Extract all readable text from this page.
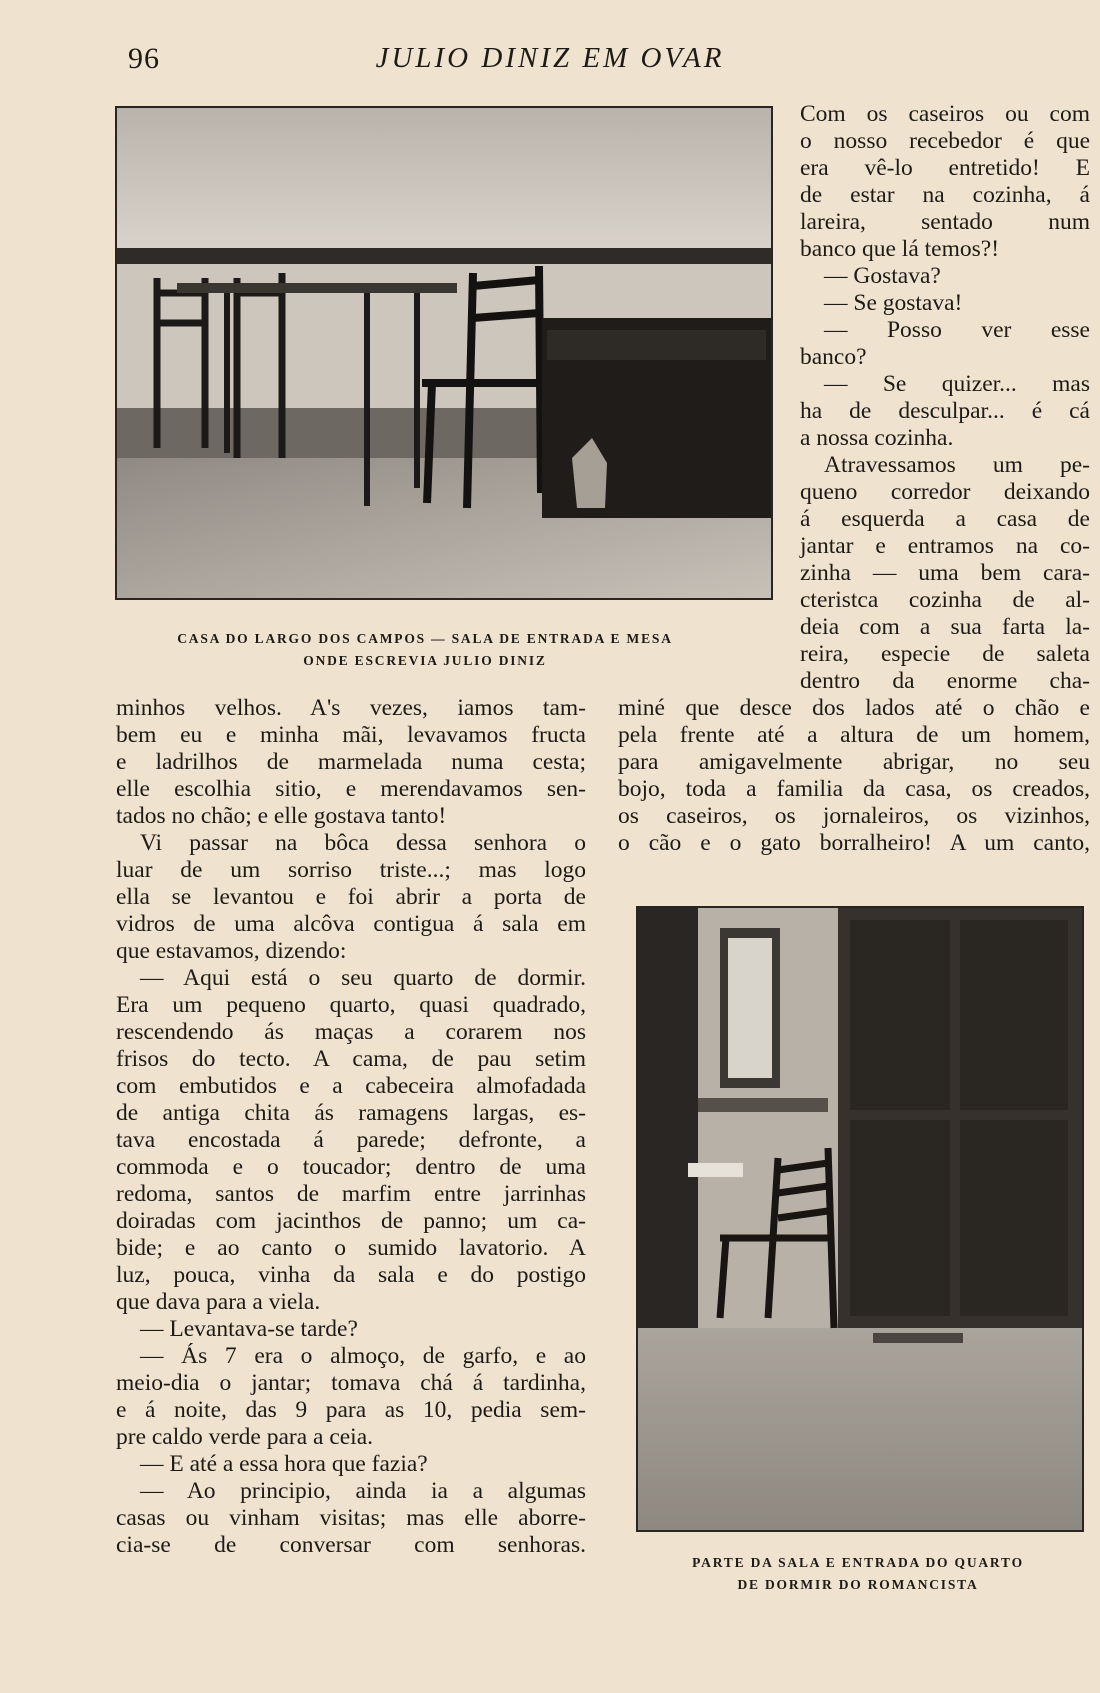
96	JULIO DINIZ EM OVAR
CASA DO LARGO DOS CAMPOS — SALA DE ENTRADA E MESA
ONDE ESCREVIA JULIO DINIZ
Com os caseiros ou com
o nosso recebedor é que
era vê-lo entretido! E
de estar na cozinha, á
lareira, sentado num
banco que lá temos?!
— Gostava?
— Se gostava!
— Posso ver esse
banco?
— Se quizer... mas
ha de desculpar... é cá
a nossa cozinha.
Atravessamos um pe-
queno corredor deixando
á esquerda a casa de
jantar e entramos na co-
zinha — uma bem cara-
cteristca cozinha de al-
deia com a sua farta la-
reira, especie de saleta
dentro da enorme cha-
miné que desce dos lados até o chão e
pela frente até a altura de um homem,
para amigavelmente abrigar, no seu
bojo, toda a familia da casa, os creados,
os caseiros, os jornaleiros, os vizinhos,
o cão e o gato borralheiro! A um canto,
PARTE DA SALA E ENTRADA DO QUARTO
DE DORMIR DO ROMANCISTA
minhos velhos. A's vezes, iamos tam-
bem eu e minha mãi, levavamos fructa
e ladrilhos de marmelada numa cesta;
elle escolhia sitio, e merendavamos sen-
tados no chão; e elle gostava tanto!
Vi passar na bôca dessa senhora o
luar de um sorriso triste...; mas logo
ella se levantou e foi abrir a porta de
vidros de uma alcôva contigua á sala em
que estavamos, dizendo:
— Aqui está o seu quarto de dormir.
Era um pequeno quarto, quasi quadrado,
rescendendo ás maças a corarem nos
frisos do tecto. A cama, de pau setim
com embutidos e a cabeceira almofadada
de antiga chita ás ramagens largas, es-
tava encostada á parede; defronte, a
commoda e o toucador; dentro de uma
redoma, santos de marfim entre jarrinhas
doiradas com jacinthos de panno; um ca-
bide; e ao canto o sumido lavatorio. A
luz, pouca, vinha da sala e do postigo
que dava para a viela.
— Levantava-se tarde?
— Ás 7 era o almoço, de garfo, e ao
meio-dia o jantar; tomava chá á tardinha,
e á noite, das 9 para as 10, pedia sem-
pre caldo verde para a ceia.
— E até a essa hora que fazia?
— Ao principio, ainda ia a algumas
casas ou vinham visitas; mas elle aborre-
cia-se de conversar com senhoras.
